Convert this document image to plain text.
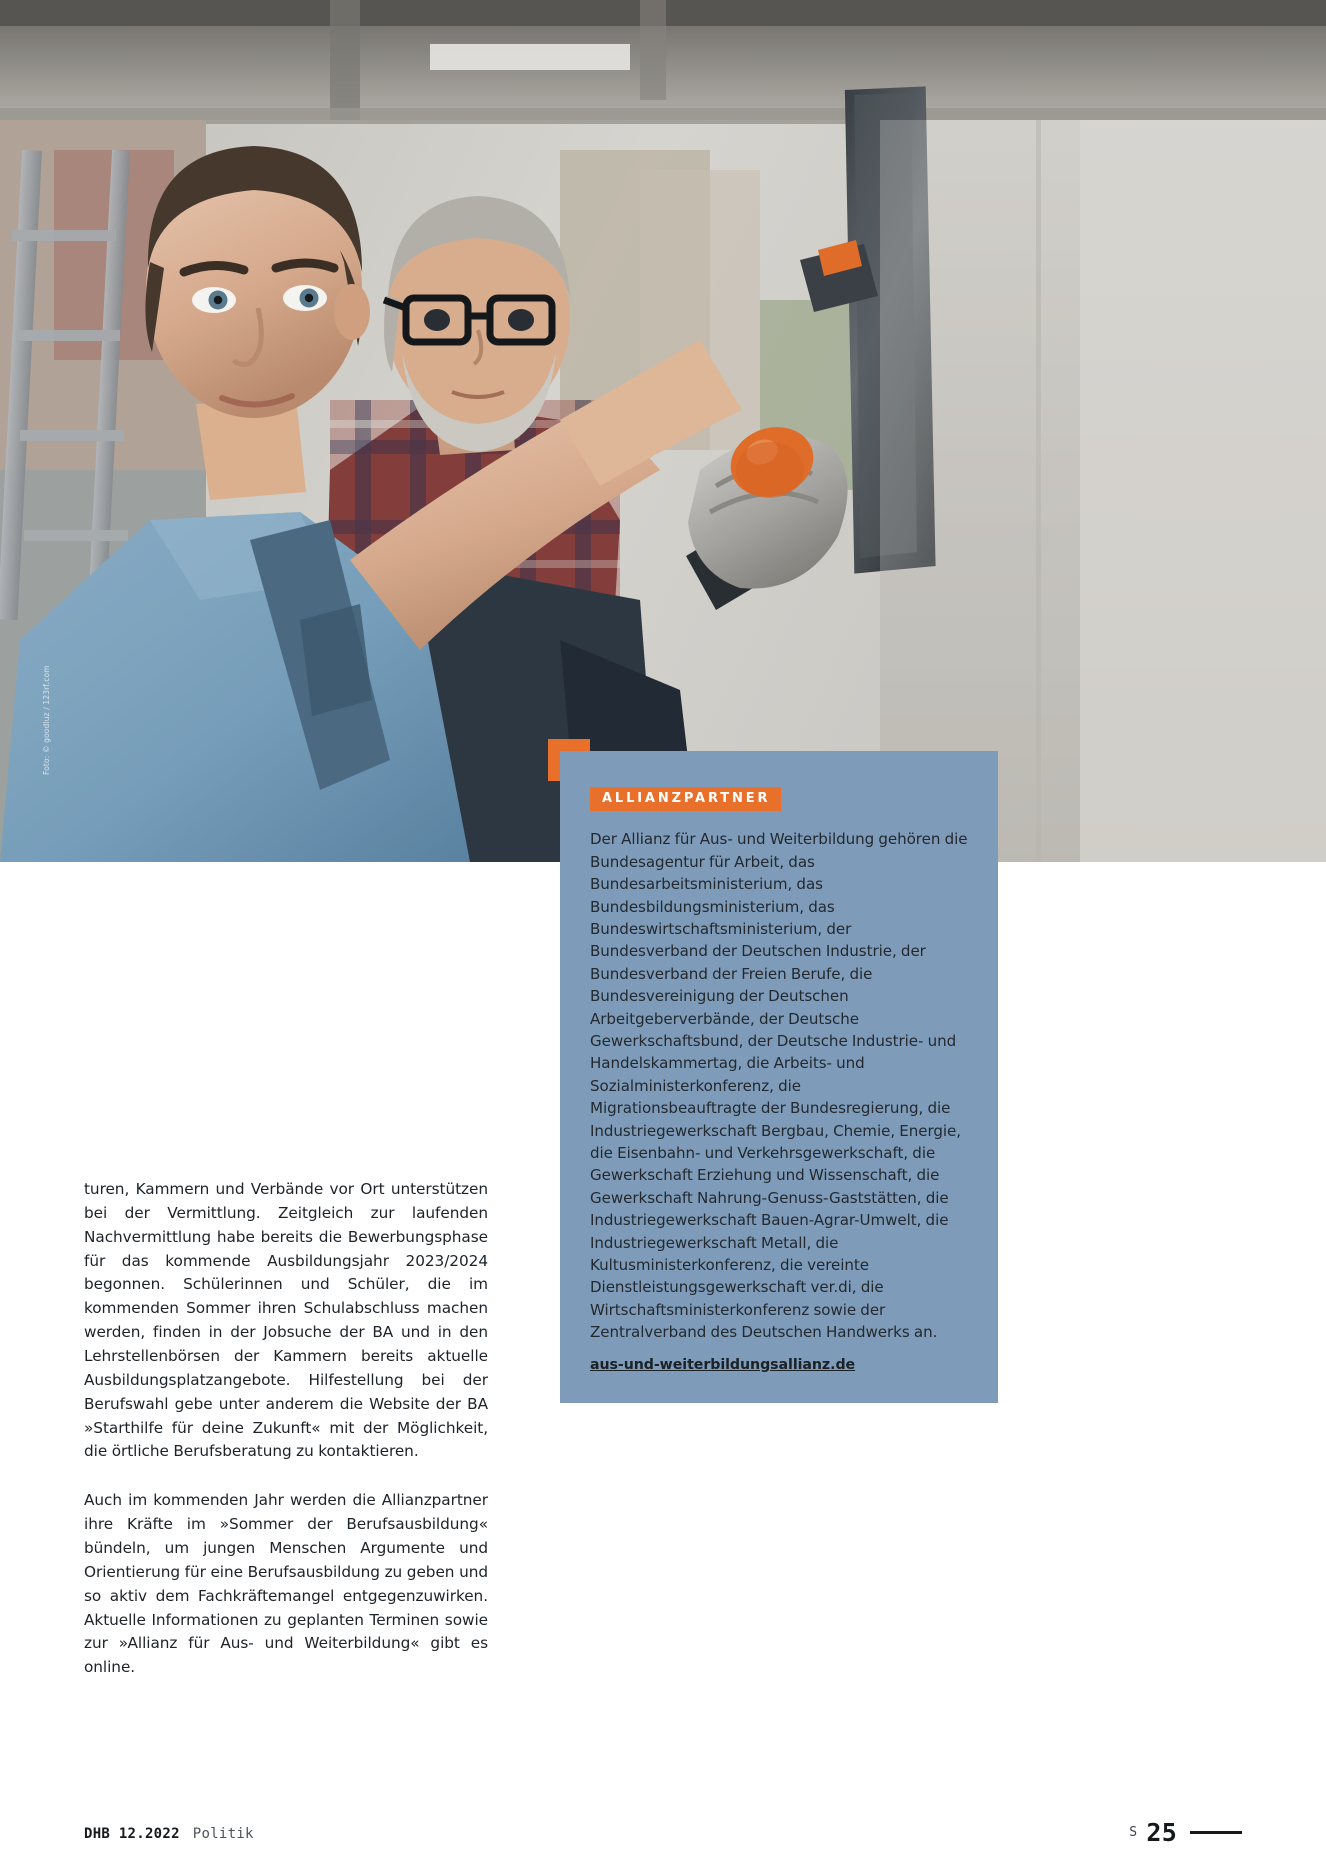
Foto: © goodluz / 123rf.com
ALLIANZPARTNER
Der Allianz für Aus- und Weiterbildung gehören die Bundesagentur für Arbeit, das Bundesarbeitsministerium, das Bundesbildungsministerium, das Bundeswirtschaftsministerium, der Bundesverband der Deutschen Industrie, der Bundesverband der Freien Berufe, die Bundesvereinigung der Deutschen Arbeitgeberverbände, der Deutsche Gewerkschaftsbund, der Deutsche Industrie- und Handelskammertag, die Arbeits- und Sozialministerkonferenz, die Migrationsbeauftragte der Bundesregierung, die Industriegewerkschaft Bergbau, Chemie, Energie, die Eisenbahn- und Verkehrsgewerkschaft, die Gewerkschaft Erziehung und Wissenschaft, die Gewerkschaft Nahrung-Genuss-Gaststätten, die Industriegewerkschaft Bauen-Agrar-Umwelt, die Industriegewerkschaft Metall, die Kultusministerkonferenz, die vereinte Dienstleistungsgewerkschaft ver.di, die Wirtschaftsministerkonferenz sowie der Zentralverband des Deutschen Handwerks an.
aus-und-weiterbildungsallianz.de

turen, Kammern und Verbände vor Ort unterstützen bei der Vermittlung. Zeitgleich zur laufenden Nachvermittlung habe bereits die Bewerbungsphase für das kommende Ausbildungsjahr 2023/2024 begonnen. Schülerinnen und Schüler, die im kommenden Sommer ihren Schulabschluss machen werden, finden in der Jobsuche der BA und in den Lehrstellenbörsen der Kammern bereits aktuelle Ausbildungsplatzangebote. Hilfestellung bei der Berufswahl gebe unter anderem die Website der BA »Starthilfe für deine Zukunft« mit der Möglichkeit, die örtliche Berufsberatung zu kontaktieren.

Auch im kommenden Jahr werden die Allianzpartner ihre Kräfte im »Sommer der Berufsausbildung« bündeln, um jungen Menschen Argumente und Orientierung für eine Berufsausbildung zu geben und so aktiv dem Fachkräftemangel entgegenzuwirken. Aktuelle Informationen zu geplanten Terminen sowie zur »Allianz für Aus- und Weiterbildung« gibt es online.

DHB 12.2022 Politik	S 25
